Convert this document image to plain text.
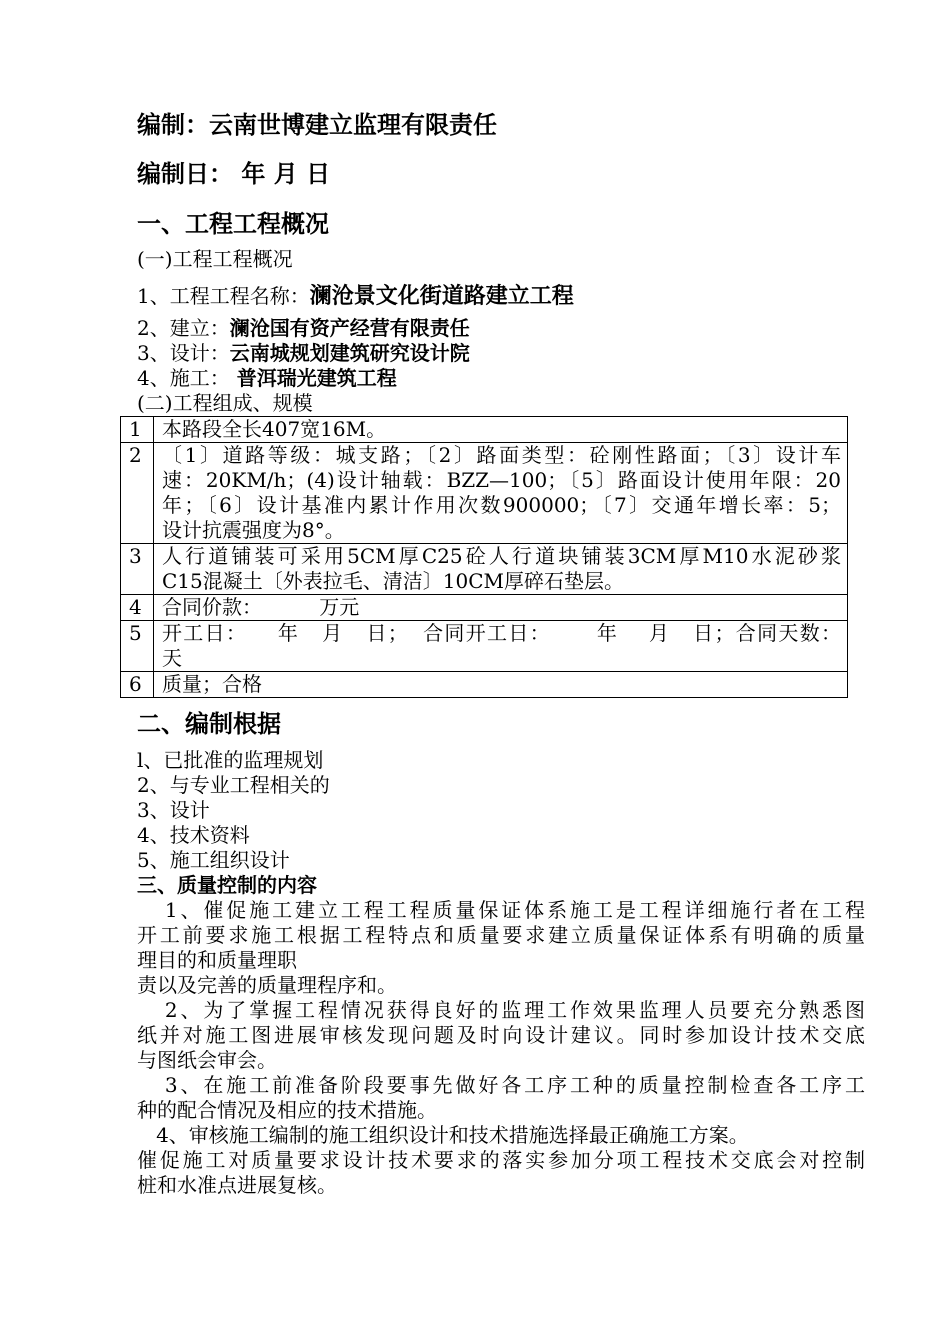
编制：云南世博建立监理有限责任
编制日： 年 月 日
一、工程工程概况
(一)工程工程概况
1、工程工程名称：澜沧景文化街道路建立工程
2、建立：澜沧国有资产经营有限责任
3、设计：云南城规划建筑研究设计院
4、施工： 普洱瑞光建筑工程
(二)工程组成、规模
1	本路段全长407宽16M。

2	〔1〕道路等级：城支路；〔2〕路面类型：砼刚性路面；〔3〕设计车
速：20KM/h；(4)设计轴载：BZZ—100；〔5〕路面设计使用年限：20
年；〔6〕设计基准内累计作用次数900000；〔7〕交通年增长率：5；
设计抗震强度为8°。

3	人行道铺装可采用5CM厚C25砼人行道块铺装3CM厚M10水泥砂浆
C15混凝土〔外表拉毛、清洁〕10CM厚碎石垫层。

4	合同价款：         万元

5	开工日：    年   月   日；  合同开工日：      年    月   日；合同天数：
天

6	质量；合格
二、编制根据
l、已批准的监理规划
2、与专业工程相关的
3、设计
4、技术资料
5、施工组织设计
三、质量控制的内容
1、催促施工建立工程工程质量保证体系施工是工程详细施行者在工程
开工前要求施工根据工程特点和质量要求建立质量保证体系有明确的质量
理目的和质量理职
责以及完善的质量理程序和。
2、为了掌握工程情况获得良好的监理工作效果监理人员要充分熟悉图
纸并对施工图进展审核发现问题及时向设计建议。同时参加设计技术交底
与图纸会审会。
3、在施工前准备阶段要事先做好各工序工种的质量控制检查各工序工
种的配合情况及相应的技术措施。
4、审核施工编制的施工组织设计和技术措施选择最正确施工方案。
催促施工对质量要求设计技术要求的落实参加分项工程技术交底会对控制
桩和水准点进展复核。
